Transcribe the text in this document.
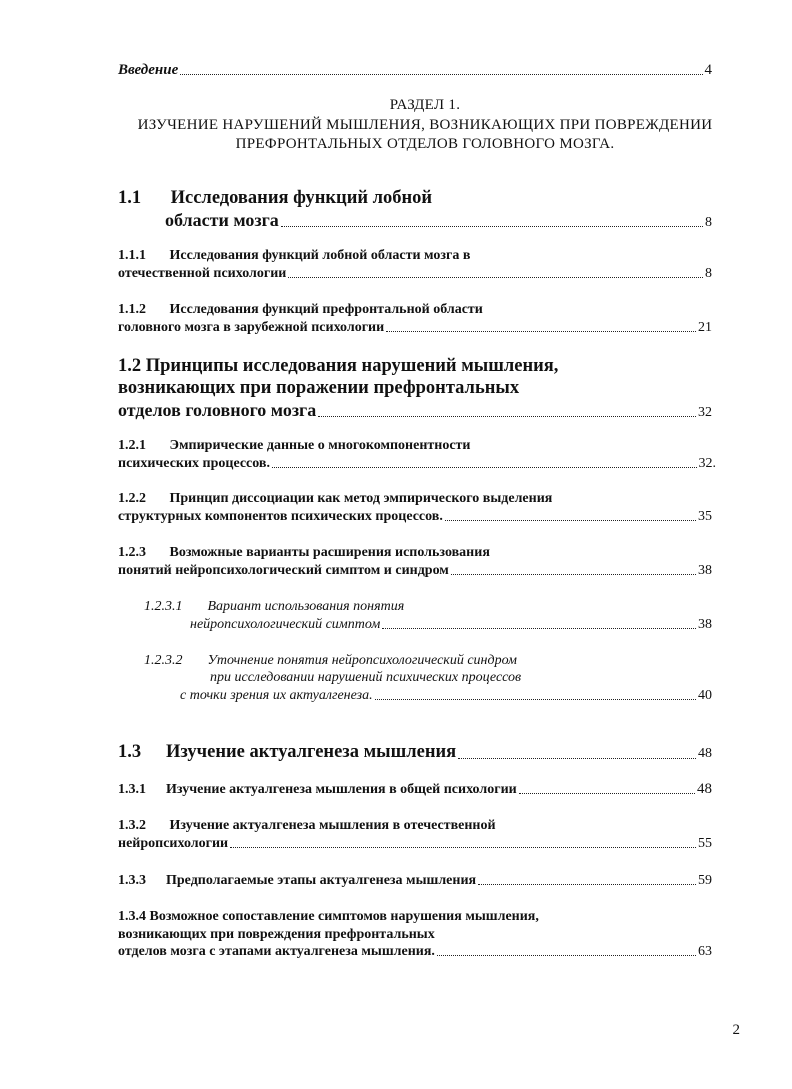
Введение	4
РАЗДЕЛ 1.
ИЗУЧЕНИЕ НАРУШЕНИЙ МЫШЛЕНИЯ, ВОЗНИКАЮЩИХ ПРИ ПОВРЕЖДЕНИИ
ПРЕФРОНТАЛЬНЫХ ОТДЕЛОВ ГОЛОВНОГО МОЗГА.
1.1 Исследования функций лобной
области мозга	8
1.1.1 Исследования функций лобной области мозга в
отечественной психологии	8
1.1.2 Исследования функций префронтальной области
головного мозга в зарубежной психологии	21
1.2 Принципы исследования нарушений мышления,
возникающих при поражении префронтальных
отделов головного мозга	32
1.2.1 Эмпирические данные о многокомпонентности
психических процессов.	32.
1.2.2 Принцип диссоциации как метод эмпирического выделения
структурных компонентов психических процессов.	35
1.2.3 Возможные варианты расширения использования
понятий нейропсихологический симптом и синдром	38
1.2.3.1 Вариант использования понятия
нейропсихологический симптом	38
1.2.3.2 Уточнение понятия нейропсихологический синдром
при исследовании нарушений психических процессов
с точки зрения их актуалгенеза.	40
1.3	Изучение актуалгенеза мышления	48
1.3.1	Изучение актуалгенеза мышления в общей психологии	48
1.3.2 Изучение актуалгенеза мышления в отечественной
нейропсихологии	55
1.3.3	Предполагаемые этапы актуалгенеза мышления	59
1.3.4 Возможное сопоставление симптомов нарушения мышления,
возникающих при повреждения префронтальных
отделов мозга с этапами актуалгенеза мышления.	63
2
